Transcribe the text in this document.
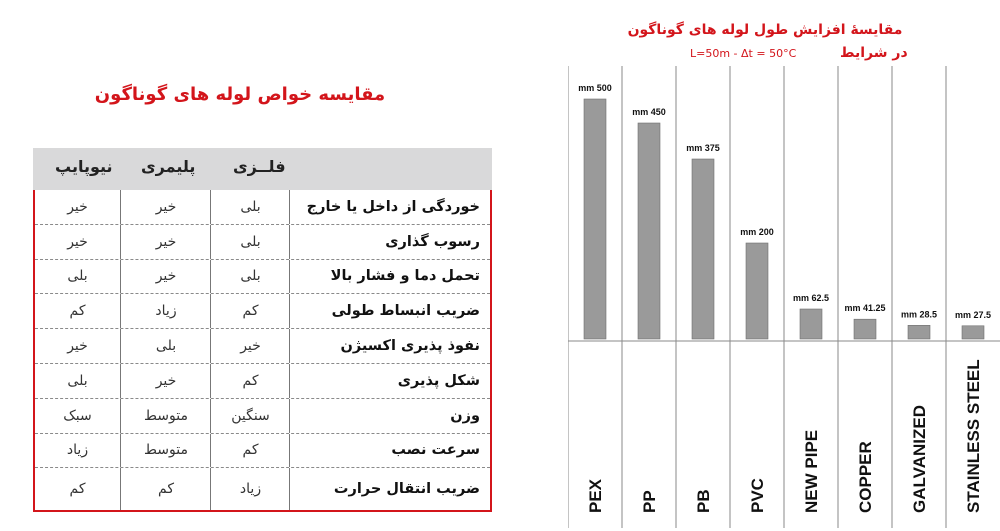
مقایسه خواص لوله های گوناگون
نیوپایپ پلیمری فلــزی
خیر	خیر	بلی	خوردگی از داخل یا خارج
خیر	خیر	بلی	رسوب گذاری
بلی	خیر	بلی	تحمل دما و فشار بالا
کم	زیاد	کم	ضریب انبساط طولی
خیر	بلی	خیر	نفوذ پذیری اکسیژن
بلی	خیر	کم	شکل پذیری
سبک	متوسط	سنگین	وزن
زیاد	متوسط	کم	سرعت نصب
کم	کم	زیاد	ضریب انتقال حرارت
مقایسهٔ افزایش طول لوله های گوناگون
L=50m - Δt = 50°C	در شرایط
mm 500
PEX
mm 450
PP
mm 375
PB
mm 200
PVC
mm 62.5
NEW PIPE
mm 41.25
COPPER
mm 28.5
GALVANIZED
mm 27.5
STAINLESS STEEL
